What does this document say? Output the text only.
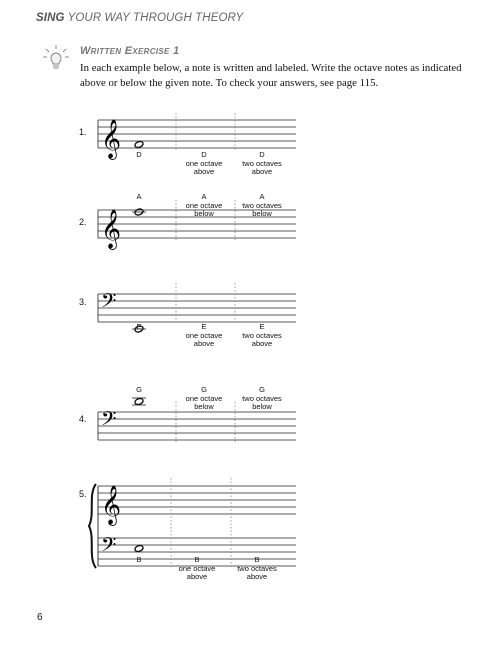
SING YOUR WAY THROUGH THEORY
Written Exercise 1
In each example below, a note is written and labeled. Write the octave notes as indicated above or below the given note. To check your answers, see page 115.
𝄞
𝄞
𝄢
𝄢
𝄞
𝄢
1.
2.
3.
4.
5.
D	D
one octave
above
D
two octaves
above
A	A
one octave
below
A
two octaves
below
E	E
one octave
above
E
two octaves
above
G	G
one octave
below
G
two octaves
below
B	B
one octave
above
B
two octaves
above
6
